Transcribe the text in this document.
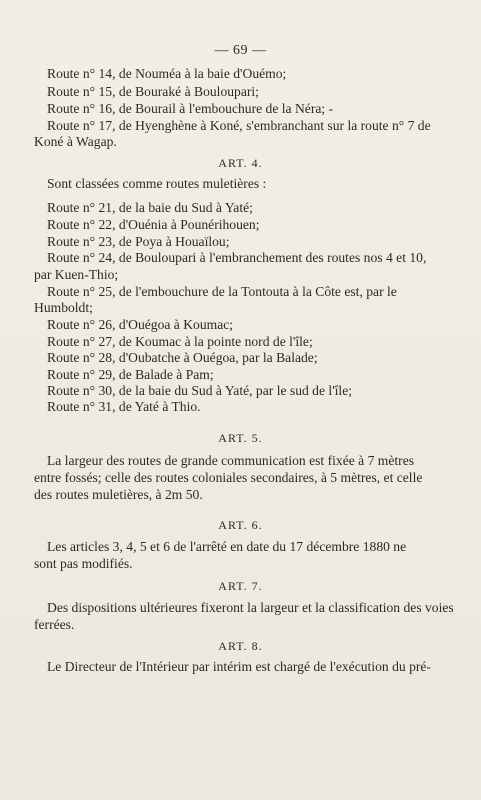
— 69 —
Route n° 14, de Nouméa à la baie d'Ouémo;
Route n° 15, de Bouraké à Bouloupari;
Route n° 16, de Bourail à l'embouchure de la Néra; -
Route n° 17, de Hyenghène à Koné, s'embranchant sur la route n° 7 de
Koné à Wagap.
ART. 4.
Sont classées comme routes muletières :
Route n° 21, de la baie du Sud à Yaté;
Route n° 22, d'Ouénia à Pounérihouen;
Route n° 23, de Poya à Houaïlou;
Route n° 24, de Bouloupari à l'embranchement des routes nos 4 et 10,
par Kuen-Thio;
Route n° 25, de l'embouchure de la Tontouta à la Côte est, par le
Humboldt;
Route n° 26, d'Ouégoa à Koumac;
Route n° 27, de Koumac à la pointe nord de l'île;
Route n° 28, d'Oubatche à Ouégoa, par la Balade;
Route n° 29, de Balade à Pam;
Route n° 30, de la baie du Sud à Yaté, par le sud de l'île;
Route n° 31, de Yaté à Thio.
ART. 5.
La largeur des routes de grande communication est fixée à 7 mètres
entre fossés; celle des routes coloniales secondaires, à 5 mètres, et celle
des routes muletières, à 2m 50.
ART. 6.
Les articles 3, 4, 5 et 6 de l'arrêté en date du 17 décembre 1880 ne
sont pas modifiés.
ART. 7.
Des dispositions ultérieures fixeront la largeur et la classification des voies
ferrées.
ART. 8.
Le Directeur de l'Intérieur par intérim est chargé de l'exécution du pré-
